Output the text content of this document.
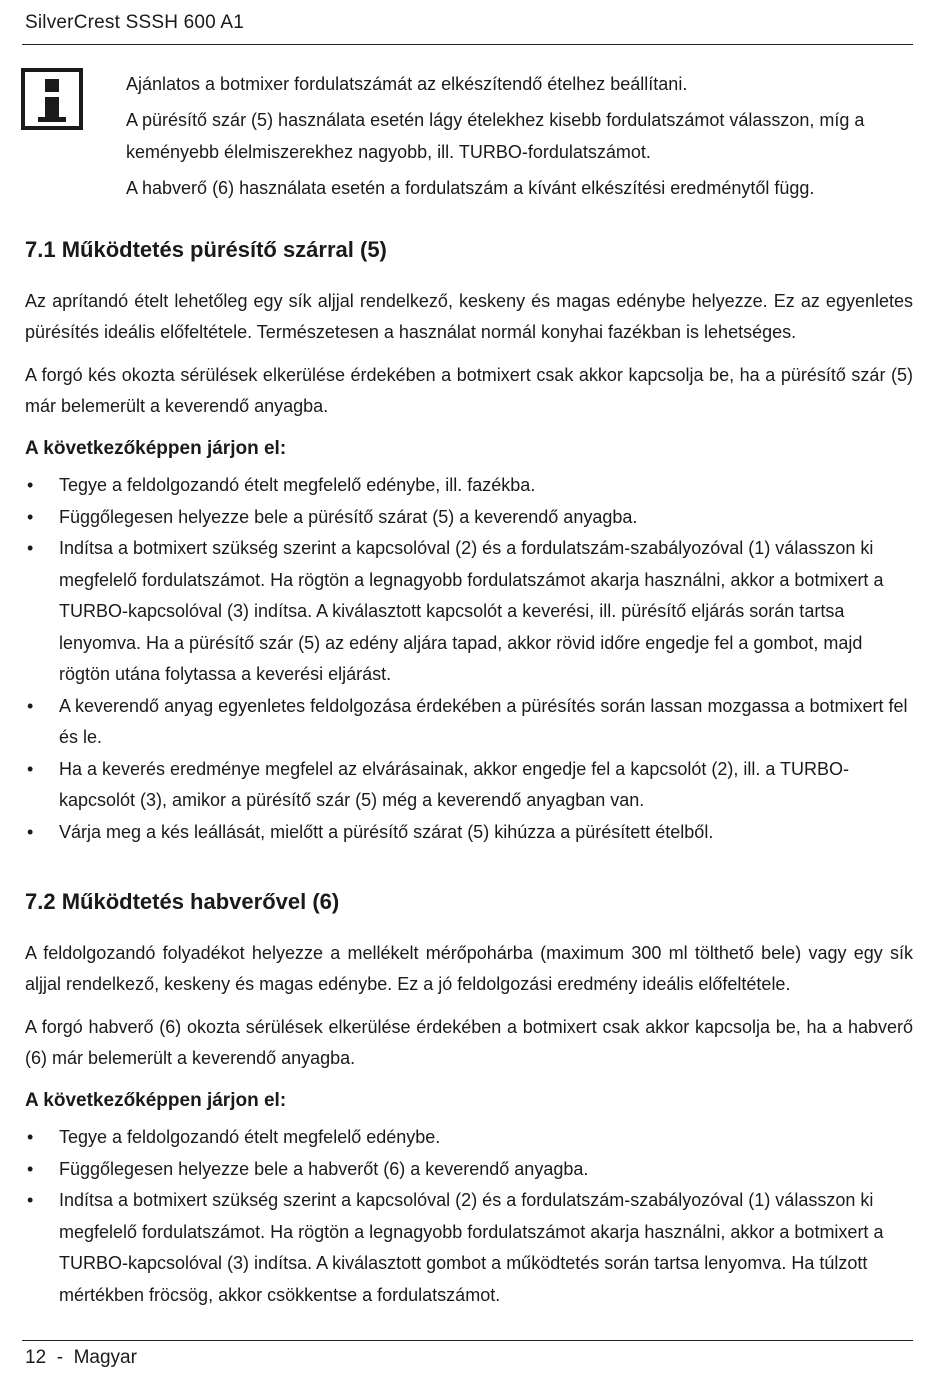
SilverCrest SSSH 600 A1

Ajánlatos a botmixer fordulatszámát az elkészítendő ételhez beállítani.

A pürésítő szár (5) használata esetén lágy ételekhez kisebb fordulatszámot válasszon, míg a keményebb élelmiszerekhez nagyobb, ill. TURBO-fordulatszámot.

A habverő (6) használata esetén a fordulatszám a kívánt elkészítési eredménytől függ.

7.1 Működtetés pürésítő szárral (5)

Az aprítandó ételt lehetőleg egy sík aljjal rendelkező, keskeny és magas edénybe helyezze. Ez az egyenletes pürésítés ideális előfeltétele. Természetesen a használat normál konyhai fazékban is lehetséges.

A forgó kés okozta sérülések elkerülése érdekében a botmixert csak akkor kapcsolja be, ha a pürésítő szár (5) már belemerült a keverendő anyagba.

A következőképpen járjon el:
• Tegye a feldolgozandó ételt megfelelő edénybe, ill. fazékba.
• Függőlegesen helyezze bele a pürésítő szárat (5) a keverendő anyagba.
• Indítsa a botmixert szükség szerint a kapcsolóval (2) és a fordulatszám-szabályozóval (1) válasszon ki megfelelő fordulatszámot. Ha rögtön a legnagyobb fordulatszámot akarja használni, akkor a botmixert a TURBO-kapcsolóval (3) indítsa. A kiválasztott kapcsolót a keverési, ill. pürésítő eljárás során tartsa lenyomva. Ha a pürésítő szár (5) az edény aljára tapad, akkor rövid időre engedje fel a gombot, majd rögtön utána folytassa a keverési eljárást.
• A keverendő anyag egyenletes feldolgozása érdekében a pürésítés során lassan mozgassa a botmixert fel és le.
• Ha a keverés eredménye megfelel az elvárásainak, akkor engedje fel a kapcsolót (2), ill. a TURBO-kapcsolót (3), amikor a pürésítő szár (5) még a keverendő anyagban van.
• Várja meg a kés leállását, mielőtt a pürésítő szárat (5) kihúzza a pürésített ételből.
7.2 Működtetés habverővel (6)

A feldolgozandó folyadékot helyezze a mellékelt mérőpohárba (maximum 300 ml tölthető bele) vagy egy sík aljjal rendelkező, keskeny és magas edénybe. Ez a jó feldolgozási eredmény ideális előfeltétele.

A forgó habverő (6) okozta sérülések elkerülése érdekében a botmixert csak akkor kapcsolja be, ha a habverő (6) már belemerült a keverendő anyagba.

A következőképpen járjon el:
• Tegye a feldolgozandó ételt megfelelő edénybe.
• Függőlegesen helyezze bele a habverőt (6) a keverendő anyagba.
• Indítsa a botmixert szükség szerint a kapcsolóval (2) és a fordulatszám-szabályozóval (1) válasszon ki megfelelő fordulatszámot. Ha rögtön a legnagyobb fordulatszámot akarja használni, akkor a botmixert a TURBO-kapcsolóval (3) indítsa. A kiválasztott gombot a működtetés során tartsa lenyomva. Ha túlzott mértékben fröcsög, akkor csökkentse a fordulatszámot.
12  -  Magyar
